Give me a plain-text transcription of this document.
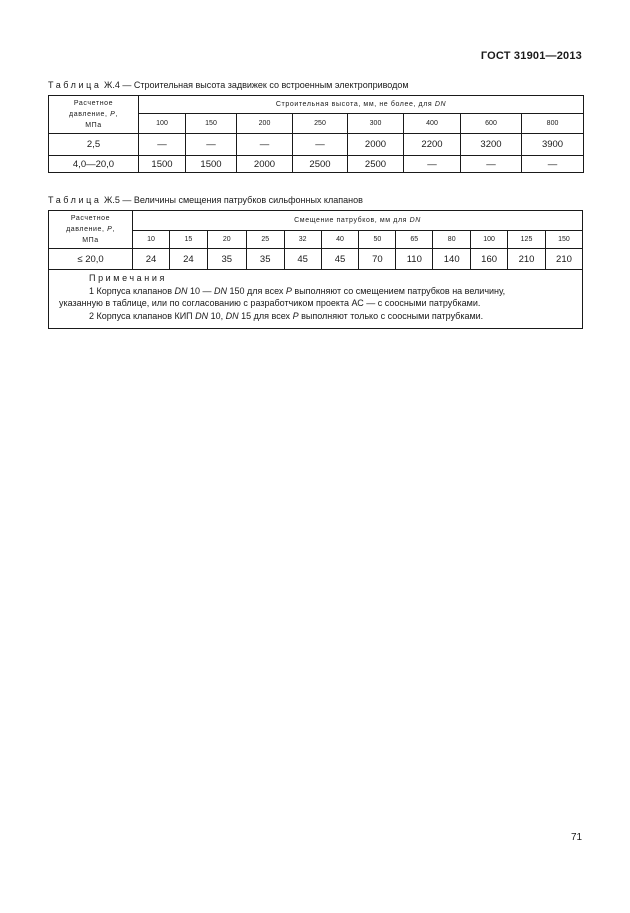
ГОСТ 31901—2013
Таблица Ж.4 — Строительная высота задвижек со встроенным электроприводом
Расчетное
давление, Р,
МПа	Строительная высота, мм, не более, для DN							
	100	150	200	250	300	400	600	800
2,5	—	—	—	—	2000	2200	3200	3900
4,0—20,0	1500	1500	2000	2500	2500	—	—	—
Таблица Ж.5 — Величины смещения патрубков сильфонных клапанов
Расчетное
давление, Р,
МПа	Смещение патрубков, мм для DN											
	10	15	20	25	32	40	50	65	80	100	125	150
≤ 20,0	24	24	35	35	45	45	70	110	140	160	210	210

Примечания
1 Корпуса клапанов DN 10 — DN 150 для всех Р выполняют со смещением патрубков на величину,
указанную в таблице, или по согласованию с разработчиком проекта АС — с соосными патрубками.
2 Корпуса клапанов КИП DN 10, DN 15 для всех Р выполняют только с соосными патрубками.												
71
